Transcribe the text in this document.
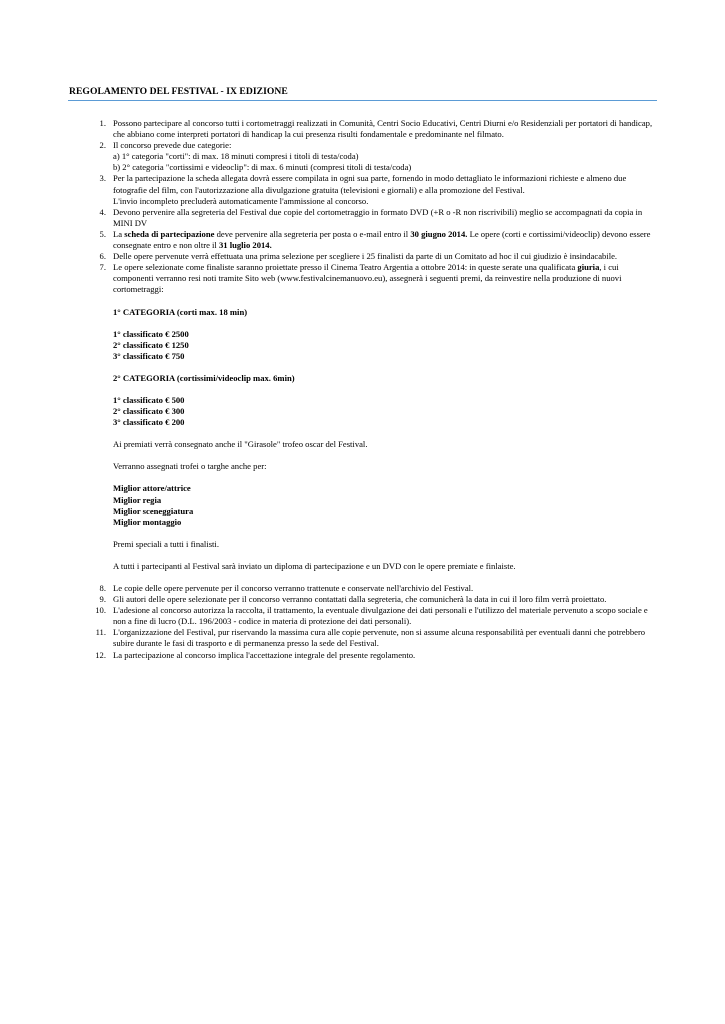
REGOLAMENTO DEL FESTIVAL - IX EDIZIONE
1. Possono partecipare al concorso tutti i cortometraggi realizzati in Comunità, Centri Socio Educativi, Centri Diurni e/o Residenziali per portatori di handicap, che abbiano come interpreti portatori di handicap la cui presenza risulti fondamentale e predominante nel filmato.

2. Il concorso prevede due categorie:

a) 1° categoria "corti": di max. 18 minuti compresi i titoli di testa/coda)

b) 2° categoria "cortissimi e videoclip": di max. 6 minuti (compresi titoli di testa/coda)

3. Per la partecipazione la scheda allegata dovrà essere compilata in ogni sua parte, fornendo in modo dettagliato le informazioni richieste e almeno due fotografie del film, con l'autorizzazione alla divulgazione gratuita (televisioni e giornali) e alla promozione del Festival.

L'invio incompleto precluderà automaticamente l'ammissione al concorso.

4. Devono pervenire alla segreteria del Festival due copie del cortometraggio in formato DVD (+R o -R non riscrivibili) meglio se accompagnati da copia in MINI DV

5. La scheda di partecipazione deve pervenire alla segreteria per posta o e-mail entro il 30 giugno 2014. Le opere (corti e cortissimi/videoclip) devono essere consegnate entro e non oltre il 31 luglio 2014.

6. Delle opere pervenute verrà effettuata una prima selezione per scegliere i 25 finalisti da parte di un Comitato ad hoc il cui giudizio è insindacabile.

7. Le opere selezionate come finaliste saranno proiettate presso il Cinema Teatro Argentia a ottobre 2014: in queste serate una qualificata giuria, i cui componenti verranno resi noti tramite Sito web (www.festivalcinemanuovo.eu), assegnerà i seguenti premi, da reinvestire nella produzione di nuovi cortometraggi:

1° CATEGORIA (corti max. 18 min)

1° classificato € 2500

2° classificato € 1250

3° classificato € 750

2° CATEGORIA (cortissimi/videoclip max. 6min)

1° classificato € 500

2° classificato € 300

3° classificato € 200

Ai premiati verrà consegnato anche il "Girasole" trofeo oscar del Festival.

Verranno assegnati trofei o targhe anche per:

Miglior attore/attrice

Miglior regia

Miglior sceneggiatura

Miglior montaggio

Premi speciali a tutti i finalisti.

A tutti i partecipanti al Festival sarà inviato un diploma di partecipazione e un DVD con le opere premiate e finlaiste.

8. Le copie delle opere pervenute per il concorso verranno trattenute e conservate nell'archivio del Festival.

9. Gli autori delle opere selezionate per il concorso verranno contattati dalla segreteria, che comunicherà la data in cui il loro film verrà proiettato.

10. L'adesione al concorso autorizza la raccolta, il trattamento, la eventuale divulgazione dei dati personali e l'utilizzo del materiale pervenuto a scopo sociale e non a fine di lucro (D.L. 196/2003 - codice in materia di protezione dei dati personali).

11. L'organizzazione del Festival, pur riservando la massima cura alle copie pervenute, non si assume alcuna responsabilità per eventuali danni che potrebbero subire durante le fasi di trasporto e di permanenza presso la sede del Festival.

12. La partecipazione al concorso implica l'accettazione integrale del presente regolamento.
